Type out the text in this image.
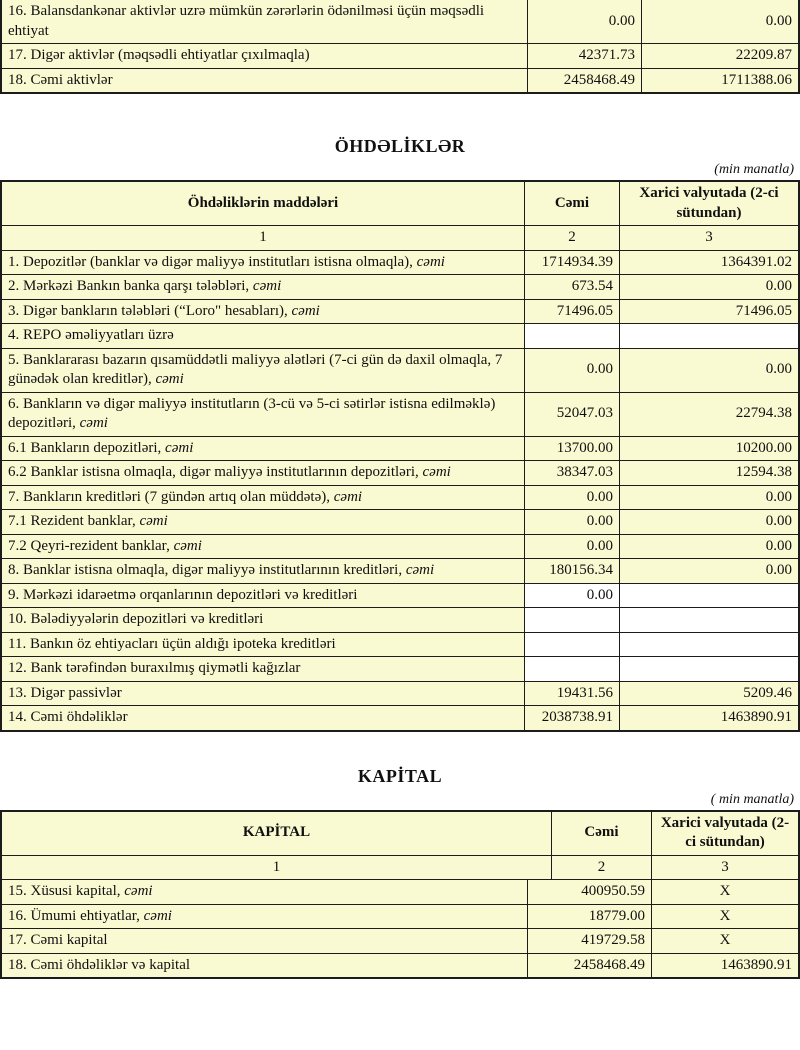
16. Balansdankənar aktivlər uzrə mümkün zərərlərin ödənilməsi üçün məqsədli ehtiyat
0.00	0.00
17. Digər aktivlər (məqsədli ehtiyatlar çıxılmaqla)	42371.73	22209.87
18. Cəmi aktivlər	2458468.49	1711388.06
ÖHDƏLİKLƏR
(min manatla)
Öhdəliklərin maddələri	Cəmi
Xarici valyutada (2-ci sütundan)
1	2	3
1. Depozitlər (banklar və digər maliyyə institutları istisna olmaqla), cəmi	1714934.39	1364391.02
2. Mərkəzi Bankın banka qarşı tələbləri, cəmi	673.54	0.00
3. Digər bankların tələbləri (“Loro" hesabları), cəmi	71496.05	71496.05
4. REPO əməliyyatları üzrə
5. Banklararası bazarın qısamüddətli maliyyə alətləri (7-ci gün də daxil olmaqla, 7 günədək olan kreditlər), cəmi
0.00	0.00
6. Bankların və digər maliyyə institutların (3-cü və 5-ci sətirlər istisna edilməklə) depozitləri, cəmi
52047.03	22794.38
6.1 Bankların depozitləri, cəmi	13700.00	10200.00
6.2 Banklar istisna olmaqla, digər maliyyə institutlarının depozitləri, cəmi	38347.03	12594.38
7. Bankların kreditləri (7 gündən artıq olan müddətə), cəmi	0.00	0.00
7.1 Rezident banklar, cəmi	0.00	0.00
7.2 Qeyri-rezident banklar, cəmi	0.00	0.00
8. Banklar istisna olmaqla, digər maliyyə institutlarının kreditləri, cəmi	180156.34	0.00
9. Mərkəzi idarəetmə orqanlarının depozitləri və kreditləri	0.00
10. Bələdiyyələrin depozitləri və kreditləri
11. Bankın öz ehtiyacları üçün aldığı ipoteka kreditləri
12. Bank tərəfindən buraxılmış qiymətli kağızlar
13. Digər passivlər	19431.56	5209.46
14. Cəmi öhdəliklər	2038738.91	1463890.91
KAPİTAL
( min manatla)
KAPİTAL	Cəmi
Xarici valyutada (2-ci sütundan)
1	2	3
15. Xüsusi kapital, cəmi	400950.59	X
16. Ümumi ehtiyatlar, cəmi	18779.00	X
17. Cəmi kapital	419729.58	X
18. Cəmi öhdəliklər və kapital	2458468.49	1463890.91
